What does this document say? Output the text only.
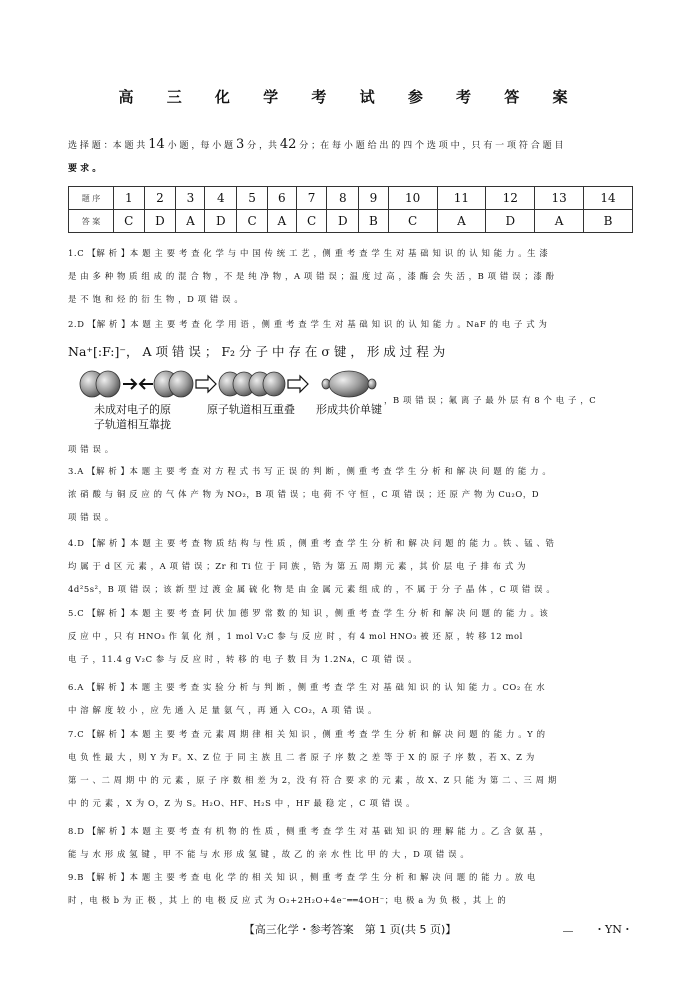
高 三 化 学 考 试 参 考 答 案
选 择 题 ：本 题 共 14 小 题 ，每 小 题 3 分 ，共 42 分 ；在 每 小 题 给 出 的 四 个 选 项 中 ，只 有 一 项 符 合 题 目
要 求 。
题 序	1	2	3	4	5	6	7	8	9	10	11	12	13	14
答 案	C	D	A	D	C	A	C	D	B	C	A	D	A	B
1.C 【解 析 】本 题 主 要 考 查 化 学 与 中 国 传 统 工 艺 ，侧 重 考 查 学 生 对 基 础 知 识 的 认 知 能 力 。生 漆
是 由 多 种 物 质 组 成 的 混 合 物 ，不 是 纯 净 物 ，A 项 错 误 ；温 度 过 高 ，漆 酶 会 失 活 ，B 项 错 误 ；漆 酚
是 不 饱 和 烃 的 衍 生 物 ，D 项 错 误 。
2.D 【解 析 】本 题 主 要 考 查 化 学 用 语 ，侧 重 考 查 学 生 对 基 础 知 识 的 认 知 能 力 。NaF 的 电 子 式 为
Na⁺[:F:]⁻， A 项 错 误 ； F₂ 分 子 中 存 在 σ 键 ， 形 成 过 程 为
，B 项 错 误 ；氟 离 子 最 外 层 有 8 个 电 子 ，C
项 错 误 。
未成对电子的原
子轨道相互靠拢
原子轨道相互重叠 形成共价单键
3.A 【解 析 】本 题 主 要 考 查 对 方 程 式 书 写 正 误 的 判 断 ，侧 重 考 查 学 生 分 析 和 解 决 问 题 的 能 力 。
浓 硝 酸 与 铜 反 应 的 气 体 产 物 为 NO₂，B 项 错 误 ；电 荷 不 守 恒 ，C 项 错 误 ；还 原 产 物 为 Cu₂O，D
项 错 误 。
4.D 【解 析 】本 题 主 要 考 查 物 质 结 构 与 性 质 ，侧 重 考 查 学 生 分 析 和 解 决 问 题 的 能 力 。铁 、锰 、锆
均 属 于 d 区 元 素 ，A 项 错 误 ；Zr 和 Ti 位 于 同 族 ，锆 为 第 五 周 期 元 素 ，其 价 层 电 子 排 布 式 为
4d²5s²，B 项 错 误 ；该 新 型 过 渡 金 属 硫 化 物 是 由 金 属 元 素 组 成 的 ，不 属 于 分 子 晶 体 ，C 项 错 误 。
5.C 【解 析 】本 题 主 要 考 查 阿 伏 加 德 罗 常 数 的 知 识 ，侧 重 考 查 学 生 分 析 和 解 决 问 题 的 能 力 。该
反 应 中 ，只 有 HNO₃ 作 氧 化 剂 ，1 mol V₂C 参 与 反 应 时 ，有 4 mol HNO₃ 被 还 原 ，转 移 12 mol
电 子 ，11.4 g V₂C 参 与 反 应 时 ，转 移 的 电 子 数 目 为 1.2Nᴀ，C 项 错 误 。
6.A 【解 析 】本 题 主 要 考 查 实 验 分 析 与 判 断 ，侧 重 考 查 学 生 对 基 础 知 识 的 认 知 能 力 。CO₂ 在 水
中 溶 解 度 较 小 ，应 先 通 入 足 量 氨 气 ，再 通 入 CO₂，A 项 错 误 。
7.C 【解 析 】本 题 主 要 考 查 元 素 周 期 律 相 关 知 识 ，侧 重 考 查 学 生 分 析 和 解 决 问 题 的 能 力 。Y 的
电 负 性 最 大 ，则 Y 为 F。X、Z 位 于 同 主 族 且 二 者 原 子 序 数 之 差 等 于 X 的 原 子 序 数 ，若 X、Z 为
第 一 、二 周 期 中 的 元 素 ，原 子 序 数 相 差 为 2，没 有 符 合 要 求 的 元 素 ，故 X、Z 只 能 为 第 二 、三 周 期
中 的 元 素 ，X 为 O，Z 为 S。H₂O、HF、H₂S 中 ，HF 最 稳 定 ，C 项 错 误 。
8.D 【解 析 】本 题 主 要 考 查 有 机 物 的 性 质 ，侧 重 考 查 学 生 对 基 础 知 识 的 理 解 能 力 。乙 含 氨 基 ，
能 与 水 形 成 氢 键 ，甲 不 能 与 水 形 成 氢 键 ，故 乙 的 亲 水 性 比 甲 的 大 ，D 项 错 误 。
9.B 【解 析 】本 题 主 要 考 查 电 化 学 的 相 关 知 识 ，侧 重 考 查 学 生 分 析 和 解 决 问 题 的 能 力 。放 电
时 ，电 极 b 为 正 极 ，其 上 的 电 极 反 应 式 为 O₂+2H₂O+4e⁻══4OH⁻；电 极 a 为 负 极 ，其 上 的
【高三化学・参考答案　第 1 页(共 5 页)】	・YN・
